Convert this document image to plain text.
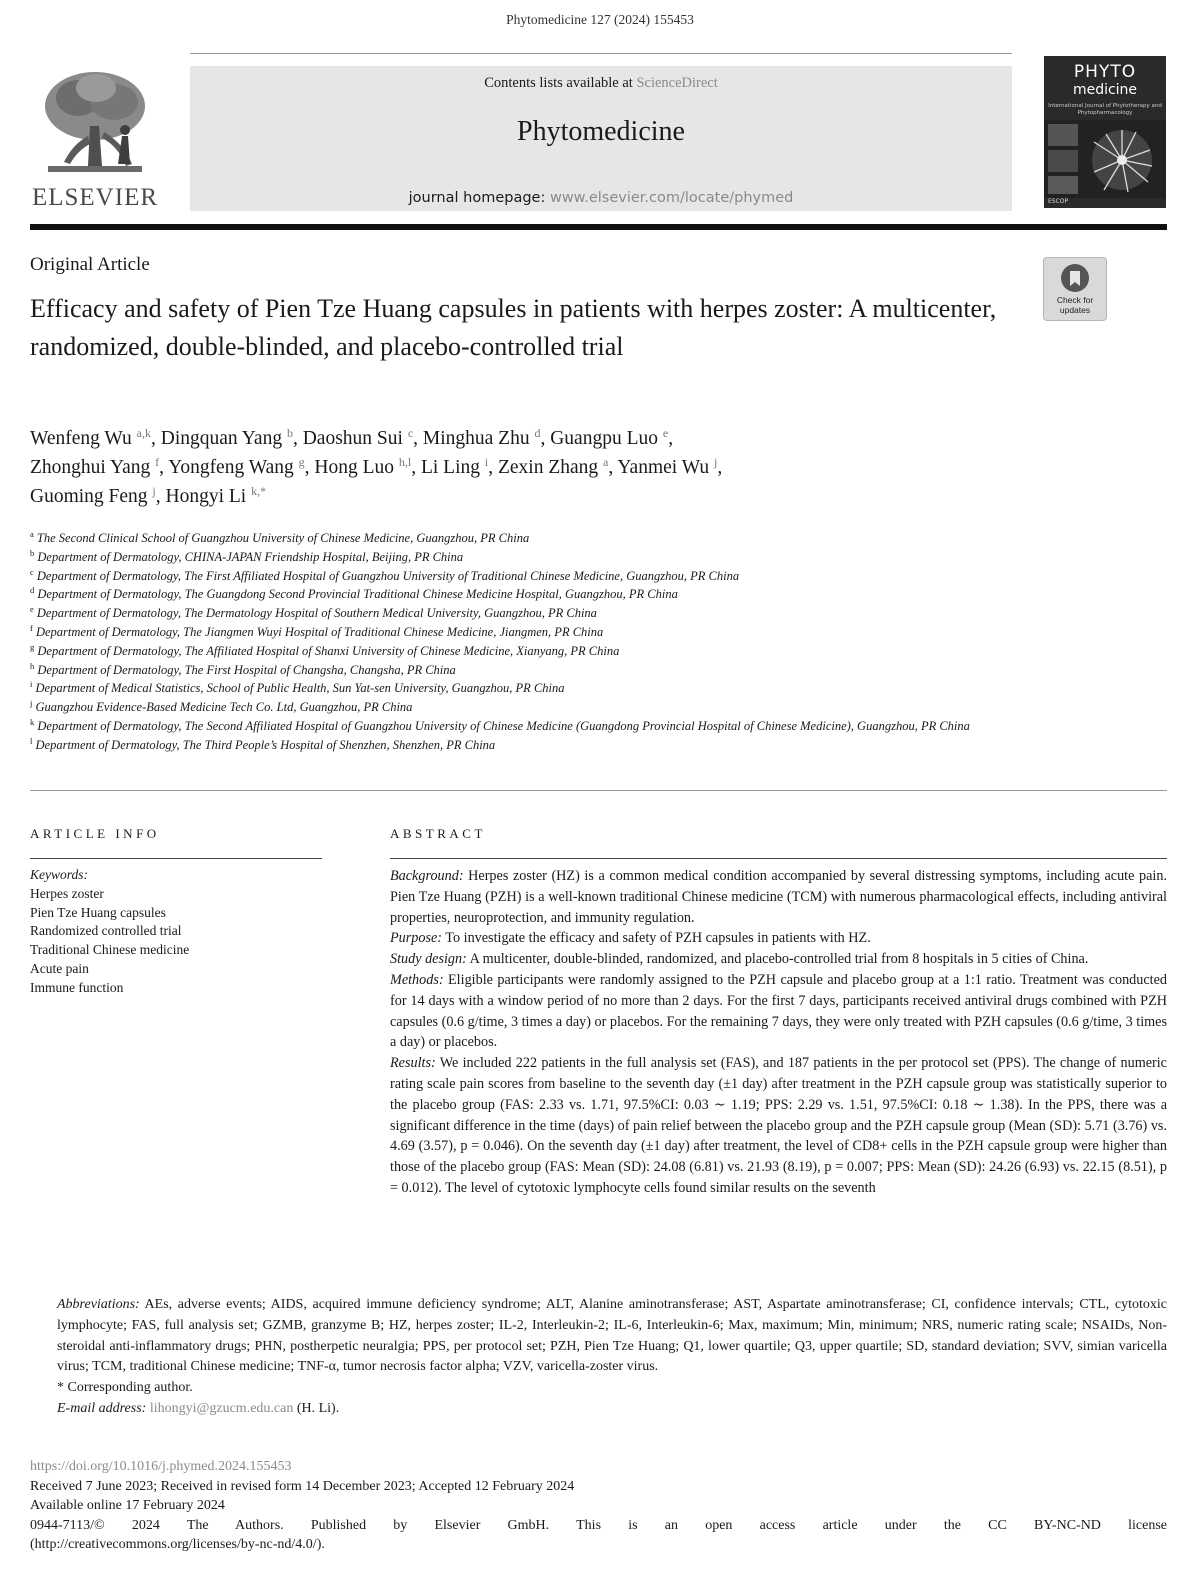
Phytomedicine 127 (2024) 155453
ELSEVIER
Contents lists available at ScienceDirect
Phytomedicine
journal homepage: www.elsevier.com/locate/phymed
PHYTO
medicine
International Journal of Phytotherapy and Phytopharmacology
ESCOP
Original Article
Efficacy and safety of Pien Tze Huang capsules in patients with herpes zoster: A multicenter, randomized, double-blinded, and placebo-controlled trial
Check for updates
Wenfeng Wu $^{a,k}$, Dingquan Yang $^b$, Daoshun Sui $^c$, Minghua Zhu $^d$, Guangpu Luo $^e$,
Zhonghui Yang $^f$, Yongfeng Wang $^g$, Hong Luo $^{h,l}$, Li Ling $^i$, Zexin Zhang $^a$, Yanmei Wu $^j$,
Guoming Feng $^j$, Hongyi Li $^{k,*}$
$^a$ The Second Clinical School of Guangzhou University of Chinese Medicine, Guangzhou, PR China
$^b$ Department of Dermatology, CHINA-JAPAN Friendship Hospital, Beijing, PR China
$^c$ Department of Dermatology, The First Affiliated Hospital of Guangzhou University of Traditional Chinese Medicine, Guangzhou, PR China
$^d$ Department of Dermatology, The Guangdong Second Provincial Traditional Chinese Medicine Hospital, Guangzhou, PR China
$^e$ Department of Dermatology, The Dermatology Hospital of Southern Medical University, Guangzhou, PR China
$^f$ Department of Dermatology, The Jiangmen Wuyi Hospital of Traditional Chinese Medicine, Jiangmen, PR China
$^g$ Department of Dermatology, The Affiliated Hospital of Shanxi University of Chinese Medicine, Xianyang, PR China
$^h$ Department of Dermatology, The First Hospital of Changsha, Changsha, PR China
$^i$ Department of Medical Statistics, School of Public Health, Sun Yat-sen University, Guangzhou, PR China
$^j$ Guangzhou Evidence-Based Medicine Tech Co. Ltd, Guangzhou, PR China
$^k$ Department of Dermatology, The Second Affiliated Hospital of Guangzhou University of Chinese Medicine (Guangdong Provincial Hospital of Chinese Medicine), Guangzhou, PR China
$^l$ Department of Dermatology, The Third People’s Hospital of Shenzhen, Shenzhen, PR China
ARTICLE INFO	ABSTRACT
Keywords:
Herpes zoster
Pien Tze Huang capsules
Randomized controlled trial
Traditional Chinese medicine
Acute pain
Immune function

Background: Herpes zoster (HZ) is a common medical condition accompanied by several distressing symptoms, including acute pain. Pien Tze Huang (PZH) is a well-known traditional Chinese medicine (TCM) with numerous pharmacological effects, including antiviral properties, neuroprotection, and immunity regulation.

Purpose: To investigate the efficacy and safety of PZH capsules in patients with HZ.

Study design: A multicenter, double-blinded, randomized, and placebo-controlled trial from 8 hospitals in 5 cities of China.

Methods: Eligible participants were randomly assigned to the PZH capsule and placebo group at a 1:1 ratio. Treatment was conducted for 14 days with a window period of no more than 2 days. For the first 7 days, participants received antiviral drugs combined with PZH capsules (0.6 g/time, 3 times a day) or placebos. For the remaining 7 days, they were only treated with PZH capsules (0.6 g/time, 3 times a day) or placebos.

Results: We included 222 patients in the full analysis set (FAS), and 187 patients in the per protocol set (PPS). The change of numeric rating scale pain scores from baseline to the seventh day (±1 day) after treatment in the PZH capsule group was statistically superior to the placebo group (FAS: 2.33 vs. 1.71, 97.5%CI: 0.03 ∼ 1.19; PPS: 2.29 vs. 1.51, 97.5%CI: 0.18 ∼ 1.38). In the PPS, there was a significant difference in the time (days) of pain relief between the placebo group and the PZH capsule group (Mean (SD): 5.71 (3.76) vs. 4.69 (3.57), p = 0.046). On the seventh day (±1 day) after treatment, the level of CD8+ cells in the PZH capsule group were higher than those of the placebo group (FAS: Mean (SD): 24.08 (6.81) vs. 21.93 (8.19), p = 0.007; PPS: Mean (SD): 24.26 (6.93) vs. 22.15 (8.51), p = 0.012). The level of cytotoxic lymphocyte cells found similar results on the seventh

Abbreviations: AEs, adverse events; AIDS, acquired immune deficiency syndrome; ALT, Alanine aminotransferase; AST, Aspartate aminotransferase; CI, confidence intervals; CTL, cytotoxic lymphocyte; FAS, full analysis set; GZMB, granzyme B; HZ, herpes zoster; IL-2, Interleukin-2; IL-6, Interleukin-6; Max, maximum; Min, minimum; NRS, numeric rating scale; NSAIDs, Non-steroidal anti-inflammatory drugs; PHN, postherpetic neuralgia; PPS, per protocol set; PZH, Pien Tze Huang; Q1, lower quartile; Q3, upper quartile; SD, standard deviation; SVV, simian varicella virus; TCM, traditional Chinese medicine; TNF-α, tumor necrosis factor alpha; VZV, varicella-zoster virus.

* Corresponding author.

E-mail address: lihongyi@gzucm.edu.can (H. Li).

https://doi.org/10.1016/j.phymed.2024.155453

Received 7 June 2023; Received in revised form 14 December 2023; Accepted 12 February 2024

Available online 17 February 2024

0944-7113/© 2024 The Authors. Published by Elsevier GmbH. This is an open access article under the CC BY-NC-ND license

(http://creativecommons.org/licenses/by-nc-nd/4.0/).
